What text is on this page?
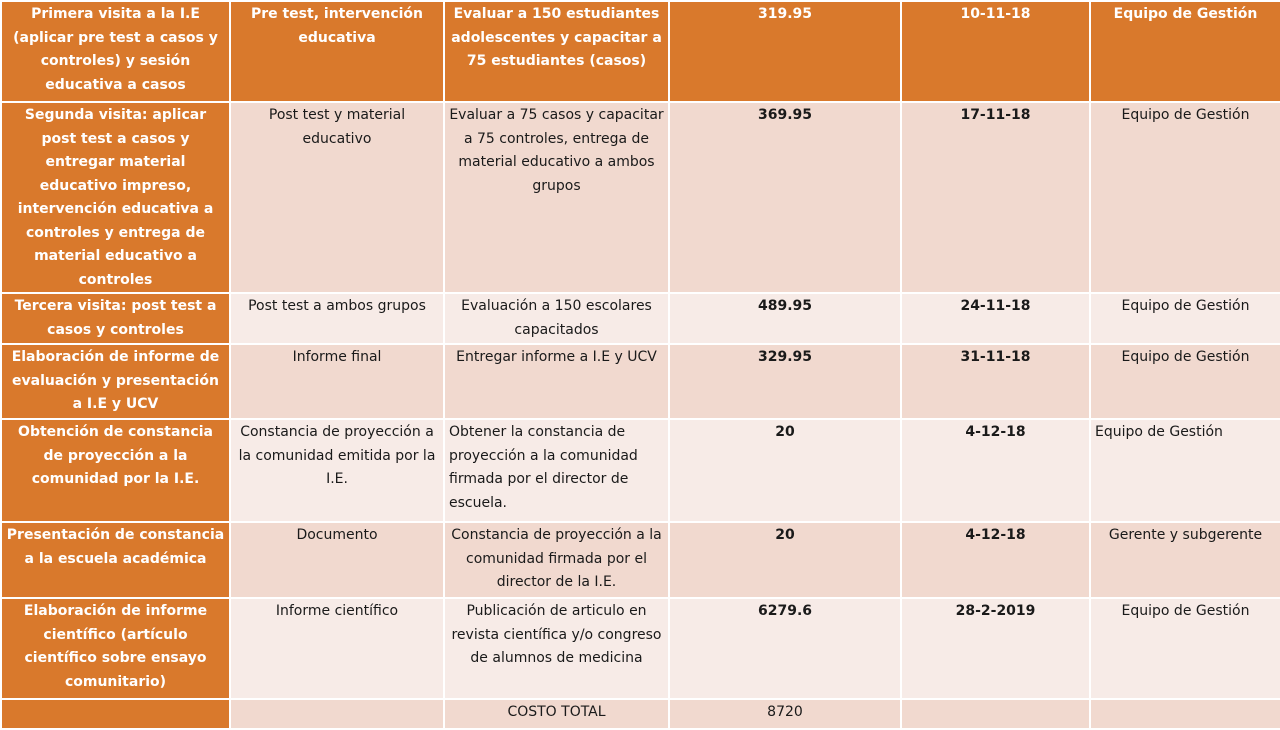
Primera visita a la I.E (aplicar pre test a casos y controles) y sesión educativa a casos	Pre test, intervención educativa	Evaluar a 150 estudiantes adolescentes y capacitar a 75 estudiantes (casos)	319.95	10-11-18	Equipo de Gestión
Segunda visita: aplicar post test a casos y entregar material educativo impreso, intervención educativa a controles y entrega de material educativo a controles	Post test y material educativo	Evaluar a 75 casos y capacitar a 75 controles, entrega de material educativo a ambos grupos	369.95	17-11-18	Equipo de Gestión
Tercera visita: post test a casos y controles	Post test a ambos grupos	Evaluación a 150 escolares capacitados	489.95	24-11-18	Equipo de Gestión
Elaboración de informe de evaluación y presentación a I.E y UCV	Informe final	Entregar informe a I.E y UCV	329.95	31-11-18	Equipo de Gestión
Obtención de constancia de proyección a la comunidad por la I.E.	Constancia de proyección a la comunidad emitida por la I.E.	Obtener la constancia de proyección a la comunidad firmada por el director de escuela.	20	4-12-18	Equipo de Gestión
Presentación de constancia a la escuela académica	Documento	Constancia de proyección a la comunidad firmada por el director de la I.E.	20	4-12-18	Gerente y subgerente
Elaboración de informe científico (artículo científico sobre ensayo comunitario)	Informe científico	Publicación de articulo en revista científica y/o congreso de alumnos de medicina	6279.6	28-2-2019	Equipo de Gestión
		COSTO TOTAL	8720		
